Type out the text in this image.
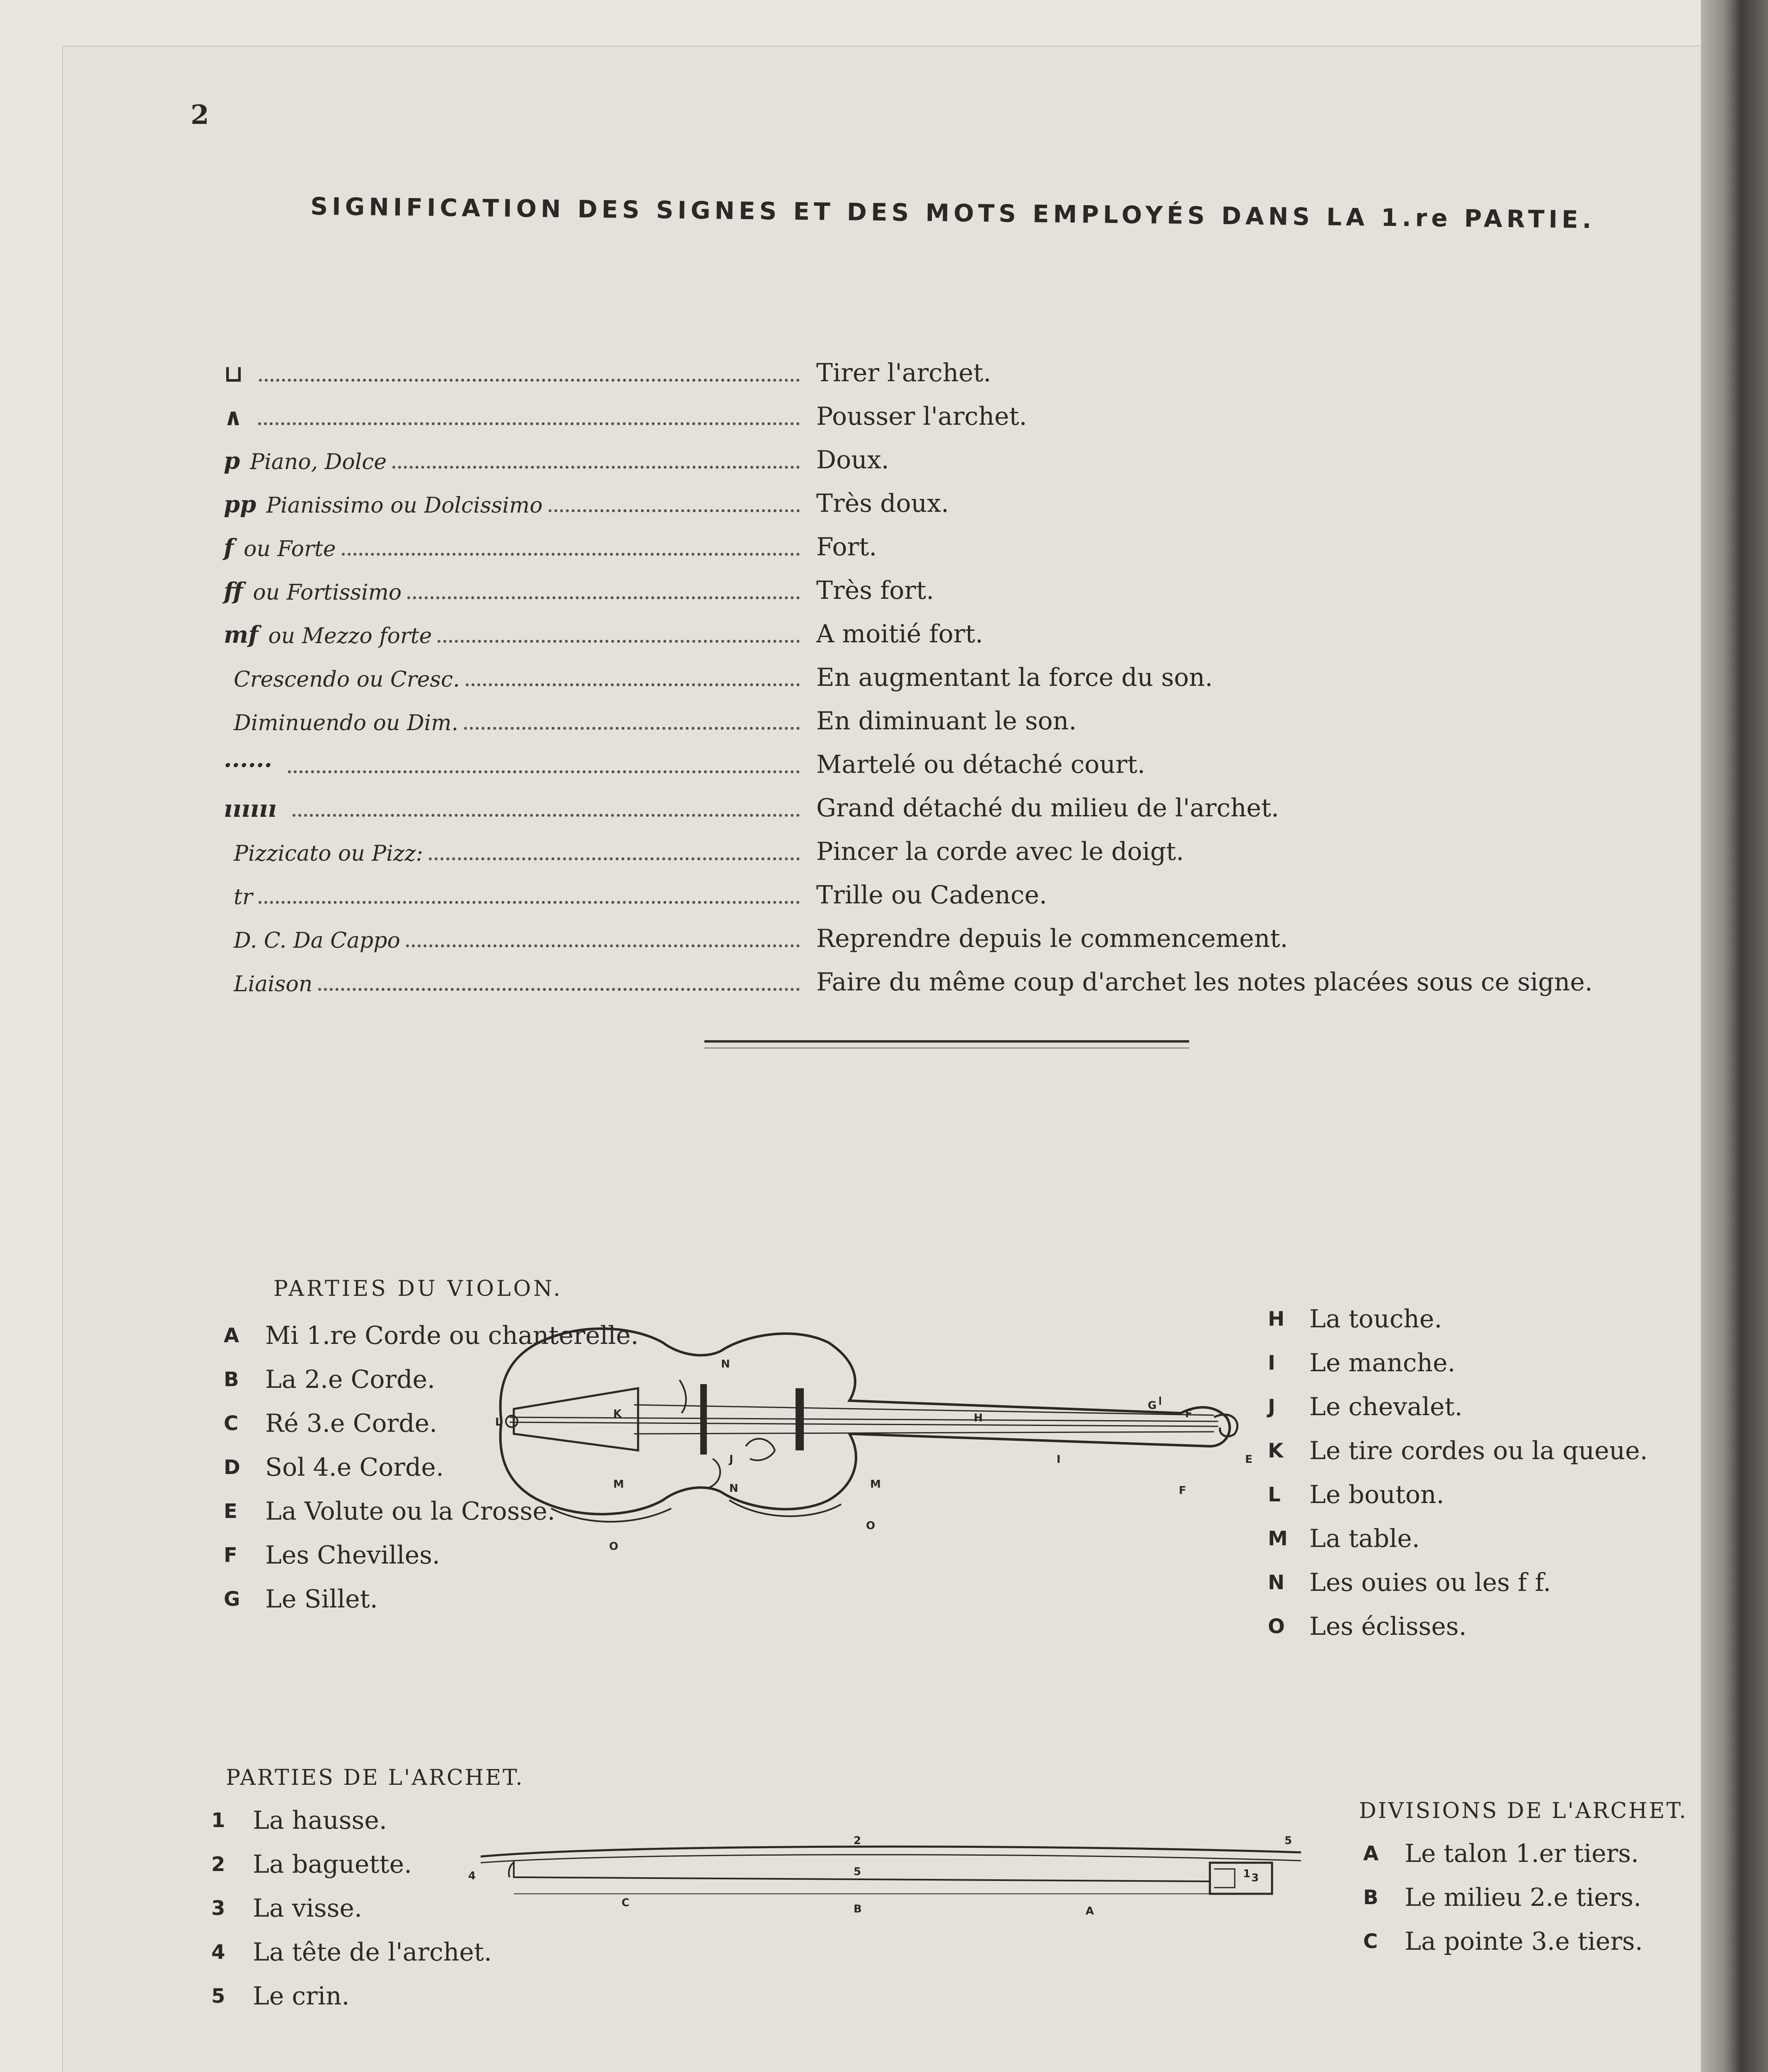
2
SIGNIFICATION DES SIGNES ET DES MOTS EMPLOYÉS DANS LA 1.re PARTIE.
⊔	Tirer l'archet.
∧	Pousser l'archet.
p Piano, Dolce	Doux.
pp Pianissimo ou Dolcissimo	Très doux.
f ou Forte	Fort.
ff ou Fortissimo	Très fort.
mf ou Mezzo forte	A moitié fort.
Crescendo ou Cresc.	En augmentant la force du son.
Diminuendo ou Dim.	En diminuant le son.
······	Martelé ou détaché court.
ıııııı	Grand détaché du milieu de l'archet.
Pizzicato ou Pizz:	Pincer la corde avec le doigt.
tr	Trille ou Cadence.
D. C. Da Cappo	Reprendre depuis le commencement.
Liaison	Faire du même coup d'archet les notes placées sous ce signe.
PARTIES DU VIOLON.
A	Mi 1.re Corde ou chanterelle.
B	La 2.e Corde.
C	Ré 3.e Corde.
D	Sol 4.e Corde.
E	La Volute ou la Crosse.
F	Les Chevilles.
G	Le Sillet.
H La touche.
I	Le manche.
J	Le chevalet.
K	Le tire cordes ou la queue.
L	Le bouton.
M La table.
N Les ouies ou les f f.
O Les éclisses.
N
K
L
J
N
H
G
F
I	E
F
M	M
O
O
PARTIES DE L'ARCHET.
1	La hausse.
2	La baguette.
3	La visse.
4	La tête de l'archet.
5	Le crin.
DIVISIONS DE L'ARCHET.
A	Le talon 1.er tiers.
B	Le milieu 2.e tiers.
C	La pointe 3.e tiers.
2	5
5
4	3
C	B	A
1
